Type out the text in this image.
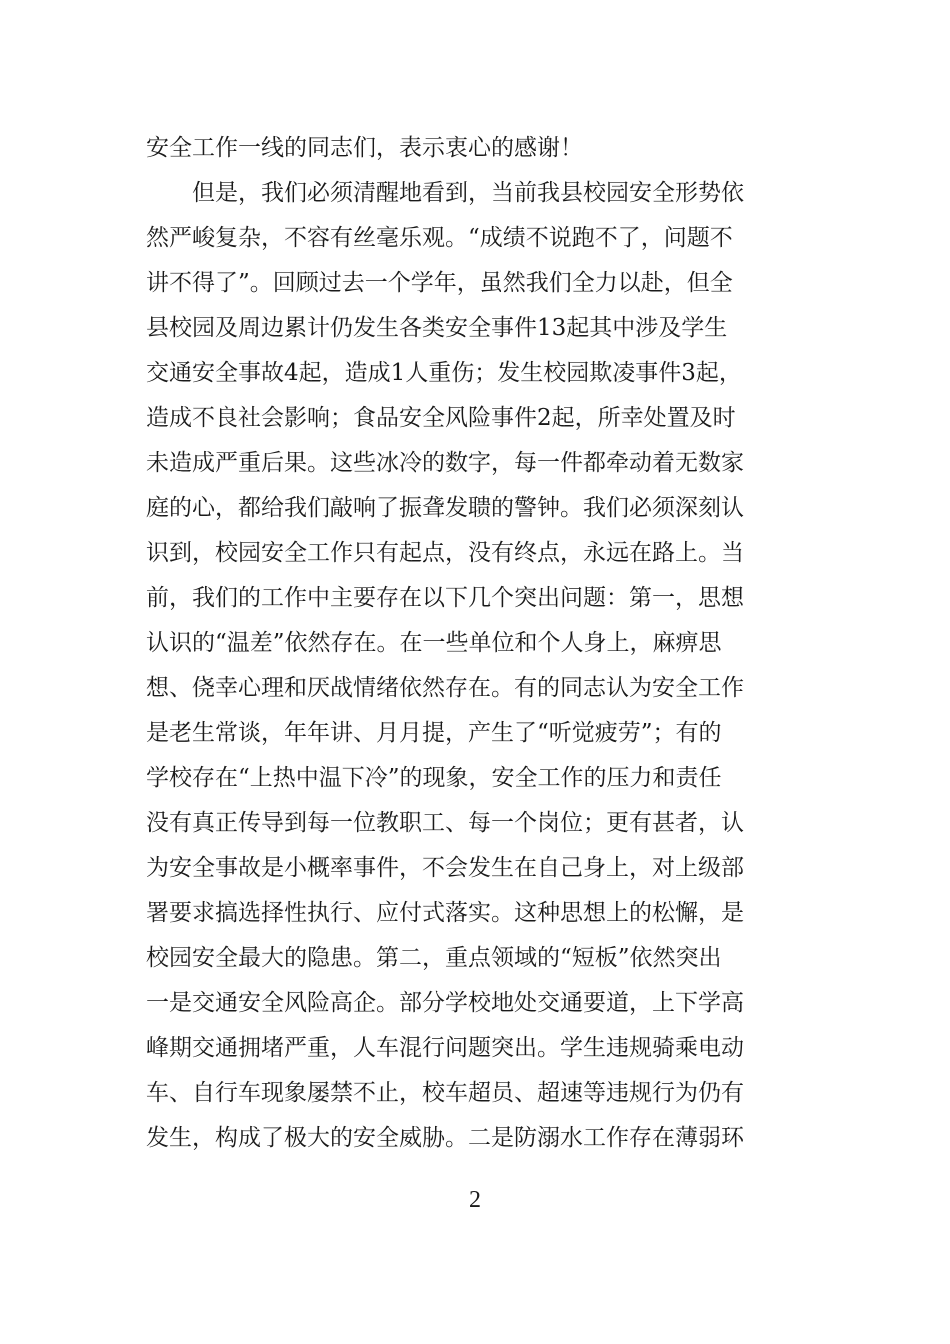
安全工作一线的同志们，表示衷心的感谢！
　　但是，我们必须清醒地看到，当前我县校园安全形势依
然严峻复杂，不容有丝毫乐观。“成绩不说跑不了，问题不
讲不得了”。回顾过去一个学年，虽然我们全力以赴，但全
县校园及周边累计仍发生各类安全事件13起其中涉及学生
交通安全事故4起，造成1人重伤；发生校园欺凌事件3起，
造成不良社会影响；食品安全风险事件2起，所幸处置及时
未造成严重后果。这些冰冷的数字，每一件都牵动着无数家
庭的心，都给我们敲响了振聋发聩的警钟。我们必须深刻认
识到，校园安全工作只有起点，没有终点，永远在路上。当
前，我们的工作中主要存在以下几个突出问题：第一，思想
认识的“温差”依然存在。在一些单位和个人身上，麻痹思
想、侥幸心理和厌战情绪依然存在。有的同志认为安全工作
是老生常谈，年年讲、月月提，产生了“听觉疲劳”；有的
学校存在“上热中温下冷”的现象，安全工作的压力和责任
没有真正传导到每一位教职工、每一个岗位；更有甚者，认
为安全事故是小概率事件，不会发生在自己身上，对上级部
署要求搞选择性执行、应付式落实。这种思想上的松懈，是
校园安全最大的隐患。第二，重点领域的“短板”依然突出
一是交通安全风险高企。部分学校地处交通要道，上下学高
峰期交通拥堵严重，人车混行问题突出。学生违规骑乘电动
车、自行车现象屡禁不止，校车超员、超速等违规行为仍有
发生，构成了极大的安全威胁。二是防溺水工作存在薄弱环
2
